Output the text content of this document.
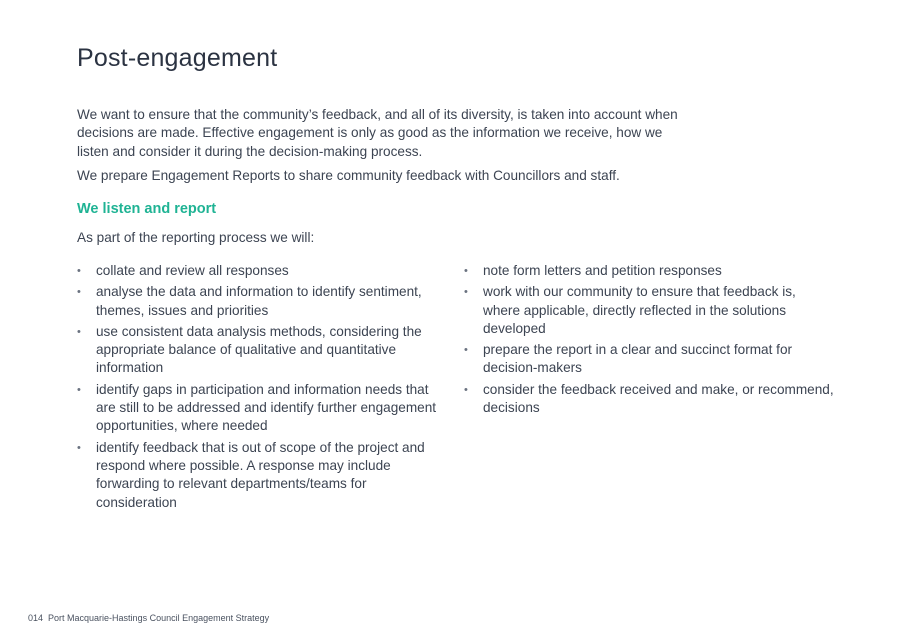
Post-engagement

We want to ensure that the community’s feedback, and all of its diversity, is taken into account when decisions are made. Effective engagement is only as good as the information we receive, how we listen and consider it during the decision-making process.

We prepare Engagement Reports to share community feedback with Councillors and staff.

We listen and report

As part of the reporting process we will:

• collate and review all responses
• analyse the data and information to identify sentiment, themes, issues and priorities
• use consistent data analysis methods, considering the appropriate balance of qualitative and quantitative information
• identify gaps in participation and information needs that are still to be addressed and identify further engagement opportunities, where needed
• identify feedback that is out of scope of the project and respond where possible. A response may include forwarding to relevant departments/teams for consideration
• note form letters and petition responses
• work with our community to ensure that feedback is, where applicable, directly reflected in the solutions developed
• prepare the report in a clear and succinct format for decision-makers
• consider the feedback received and make, or recommend, decisions
014 Port Macquarie-Hastings Council Engagement Strategy
